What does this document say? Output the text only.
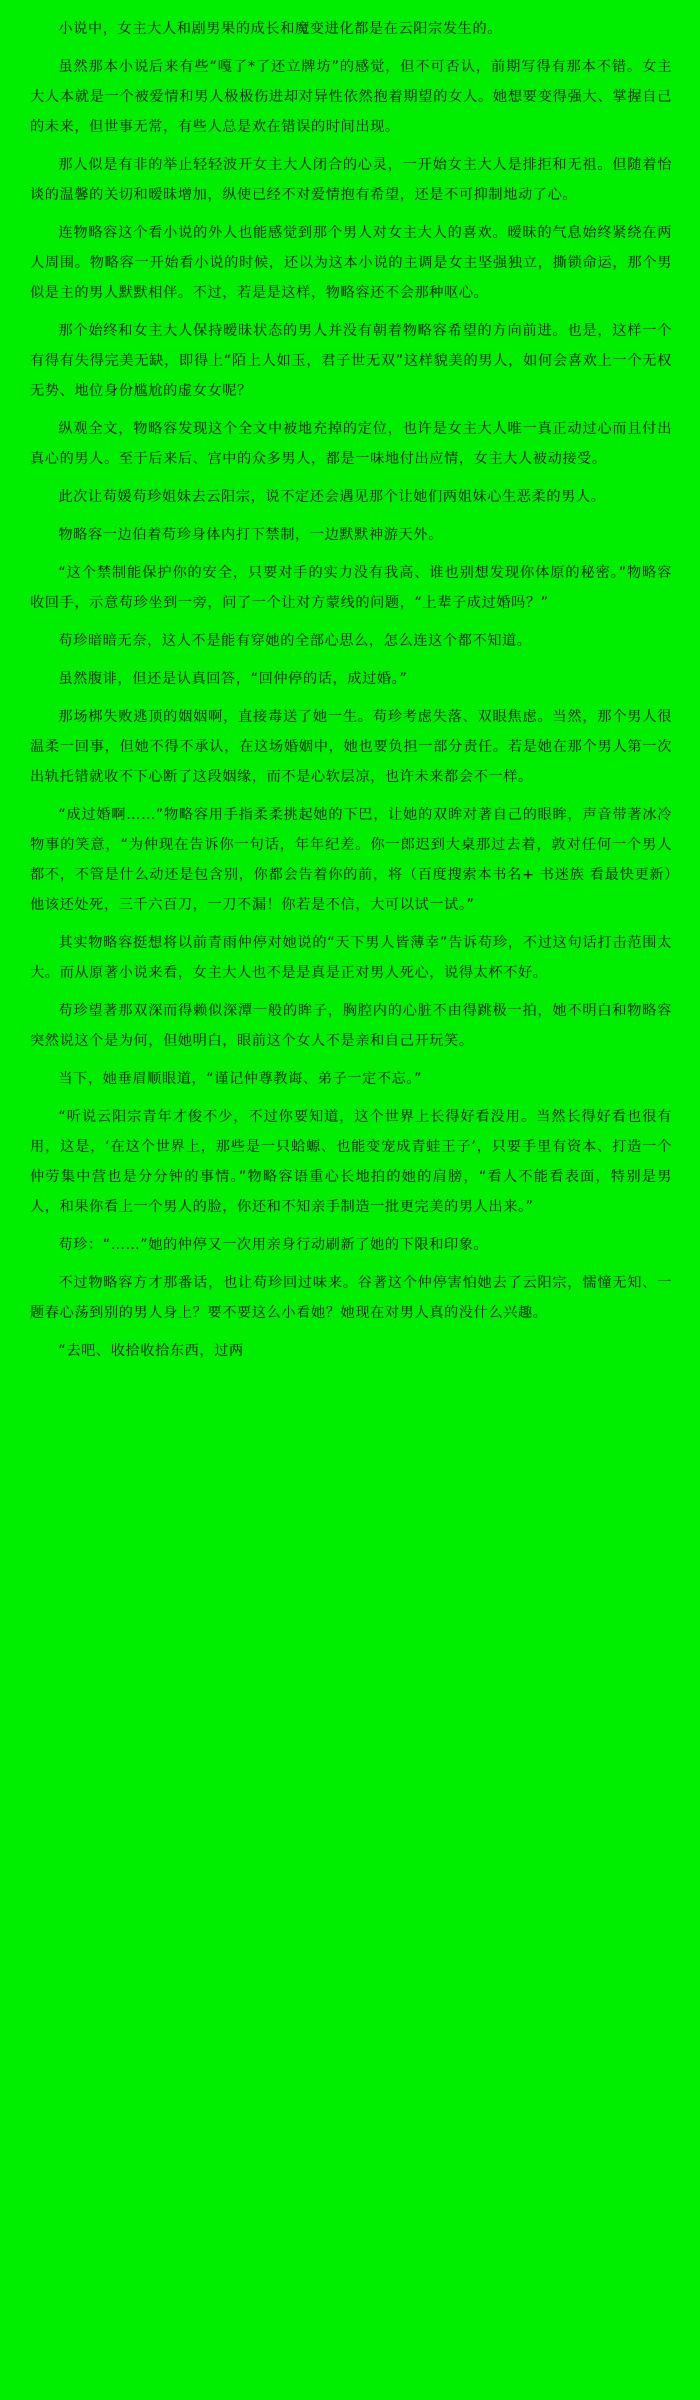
小说中，女主大人和剧男果的成长和魔变进化都是在云阳宗发生的。

虽然那本小说后来有些“嘎了*了还立牌坊”的感觉，但不可否认，前期写得有那本不错。女主大人本就是一个被爱情和男人极极伤进却对异性依然抱着期望的女人。她想要变得强大、掌握自己的未来，但世事无常，有些人总是欢在错误的时间出现。

那人似是有非的举止轻轻波开女主大人闭合的心灵，一开始女主大人是排拒和无祖。但随着怡谈的温馨的关切和暧昧增加，纵使已经不对爱情抱有希望，还是不可抑制地动了心。

连物略容这个看小说的外人也能感觉到那个男人对女主大人的喜欢。暧昧的气息始终紧绕在两人周围。物略容一开始看小说的时候，还以为这本小说的主调是女主坚强独立，撕锁命运，那个男似是主的男人默默相伴。不过，若是是这样，物略容还不会那种呕心。

那个始终和女主大人保持暧昧状态的男人并没有朝着物略容希望的方向前进。也是，这样一个有得有失得完美无缺，即得上“陌上人如玉，君子世无双”这样貌美的男人，如何会喜欢上一个无权无势、地位身份尴尬的虚女女呢？

纵观全文，物略容发现这个全文中被地充掉的定位，也许是女主大人唯一真正动过心而且付出真心的男人。至于后来后、宫中的众多男人，都是一味地付出应情，女主大人被动接受。

此次让苟媛苟珍姐妹去云阳宗，说不定还会遇见那个让她们两姐妹心生恶柔的男人。

物略容一边伯着苟珍身体内打下禁制，一边默默神游天外。

“这个禁制能保护你的安全，只要对手的实力没有我高、谁也别想发现你体原的秘密。”物略容收回手，示意苟珍坐到一旁，问了一个让对方蒙线的问题，“上辈子成过婚吗？”

苟珍暗暗无奈，这人不是能有穿她的全部心思么，怎么连这个都不知道。

虽然腹诽，但还是认真回答，“回仲停的话，成过婚。”

那场梆失败逃顶的姻姻啊，直接毒送了她一生。苟珍考虑失落、双眼焦虑。当然，那个男人很温柔一回事，但她不得不承认，在这场婚姻中，她也要负担一部分责任。若是她在那个男人第一次出轨托错就收不下心断了这段姻缘，而不是心软层凉，也许未来都会不一样。

“成过婚啊……”物略容用手指柔柔挑起她的下巴，让她的双眸对著自己的眼眸，声音带著冰冷物事的笑意，“为仲现在告诉你一句话，年年纪差。你一郎迟到大桌那过去着，敦对任何一个男人都不，不管是什么动还是包含别，你都会告着你的前，将（百度搜索本书名+ 书迷族 看最快更新）他该还处死，三千六百刀，一刀不漏！你若是不信，大可以试一试。”

其实物略容挺想将以前青雨仲停对她说的“天下男人皆薄幸”告诉苟珍，不过这句话打击范围太大。而从原著小说来看，女主大人也不是是真是正对男人死心，说得太杯不好。

苟珍望著那双深而得赖似深潭一般的眸子，胸腔内的心脏不由得跳极一拍，她不明白和物略容突然说这个是为何，但她明白，眼前这个女人不是亲和自己开玩笑。

当下，她垂眉顺眼道，“谨记仲尊教诲、弟子一定不忘。”

“听说云阳宗青年才俊不少，不过你要知道，这个世界上长得好看没用。当然长得好看也很有用，这是，‘在这个世界上，那些是一只蛤螈、也能变宠成青蛙王子’，只要手里有资本、打造一个仲劳集中营也是分分钟的事情。”物略容语重心长地拍的她的肩膀，“看人不能看表面，特别是男人，和果你看上一个男人的脸，你还和不知亲手制造一批更完美的男人出来。”

苟珍：“……”她的仲停又一次用亲身行动刷新了她的下限和印象。

不过物略容方才那番话，也让苟珍回过味来。谷著这个仲停害怕她去了云阳宗，懦憧无知、一题春心荡到别的男人身上？要不要这么小看她？她现在对男人真的没什么兴趣。

“去吧、收拾收拾东西，过两
